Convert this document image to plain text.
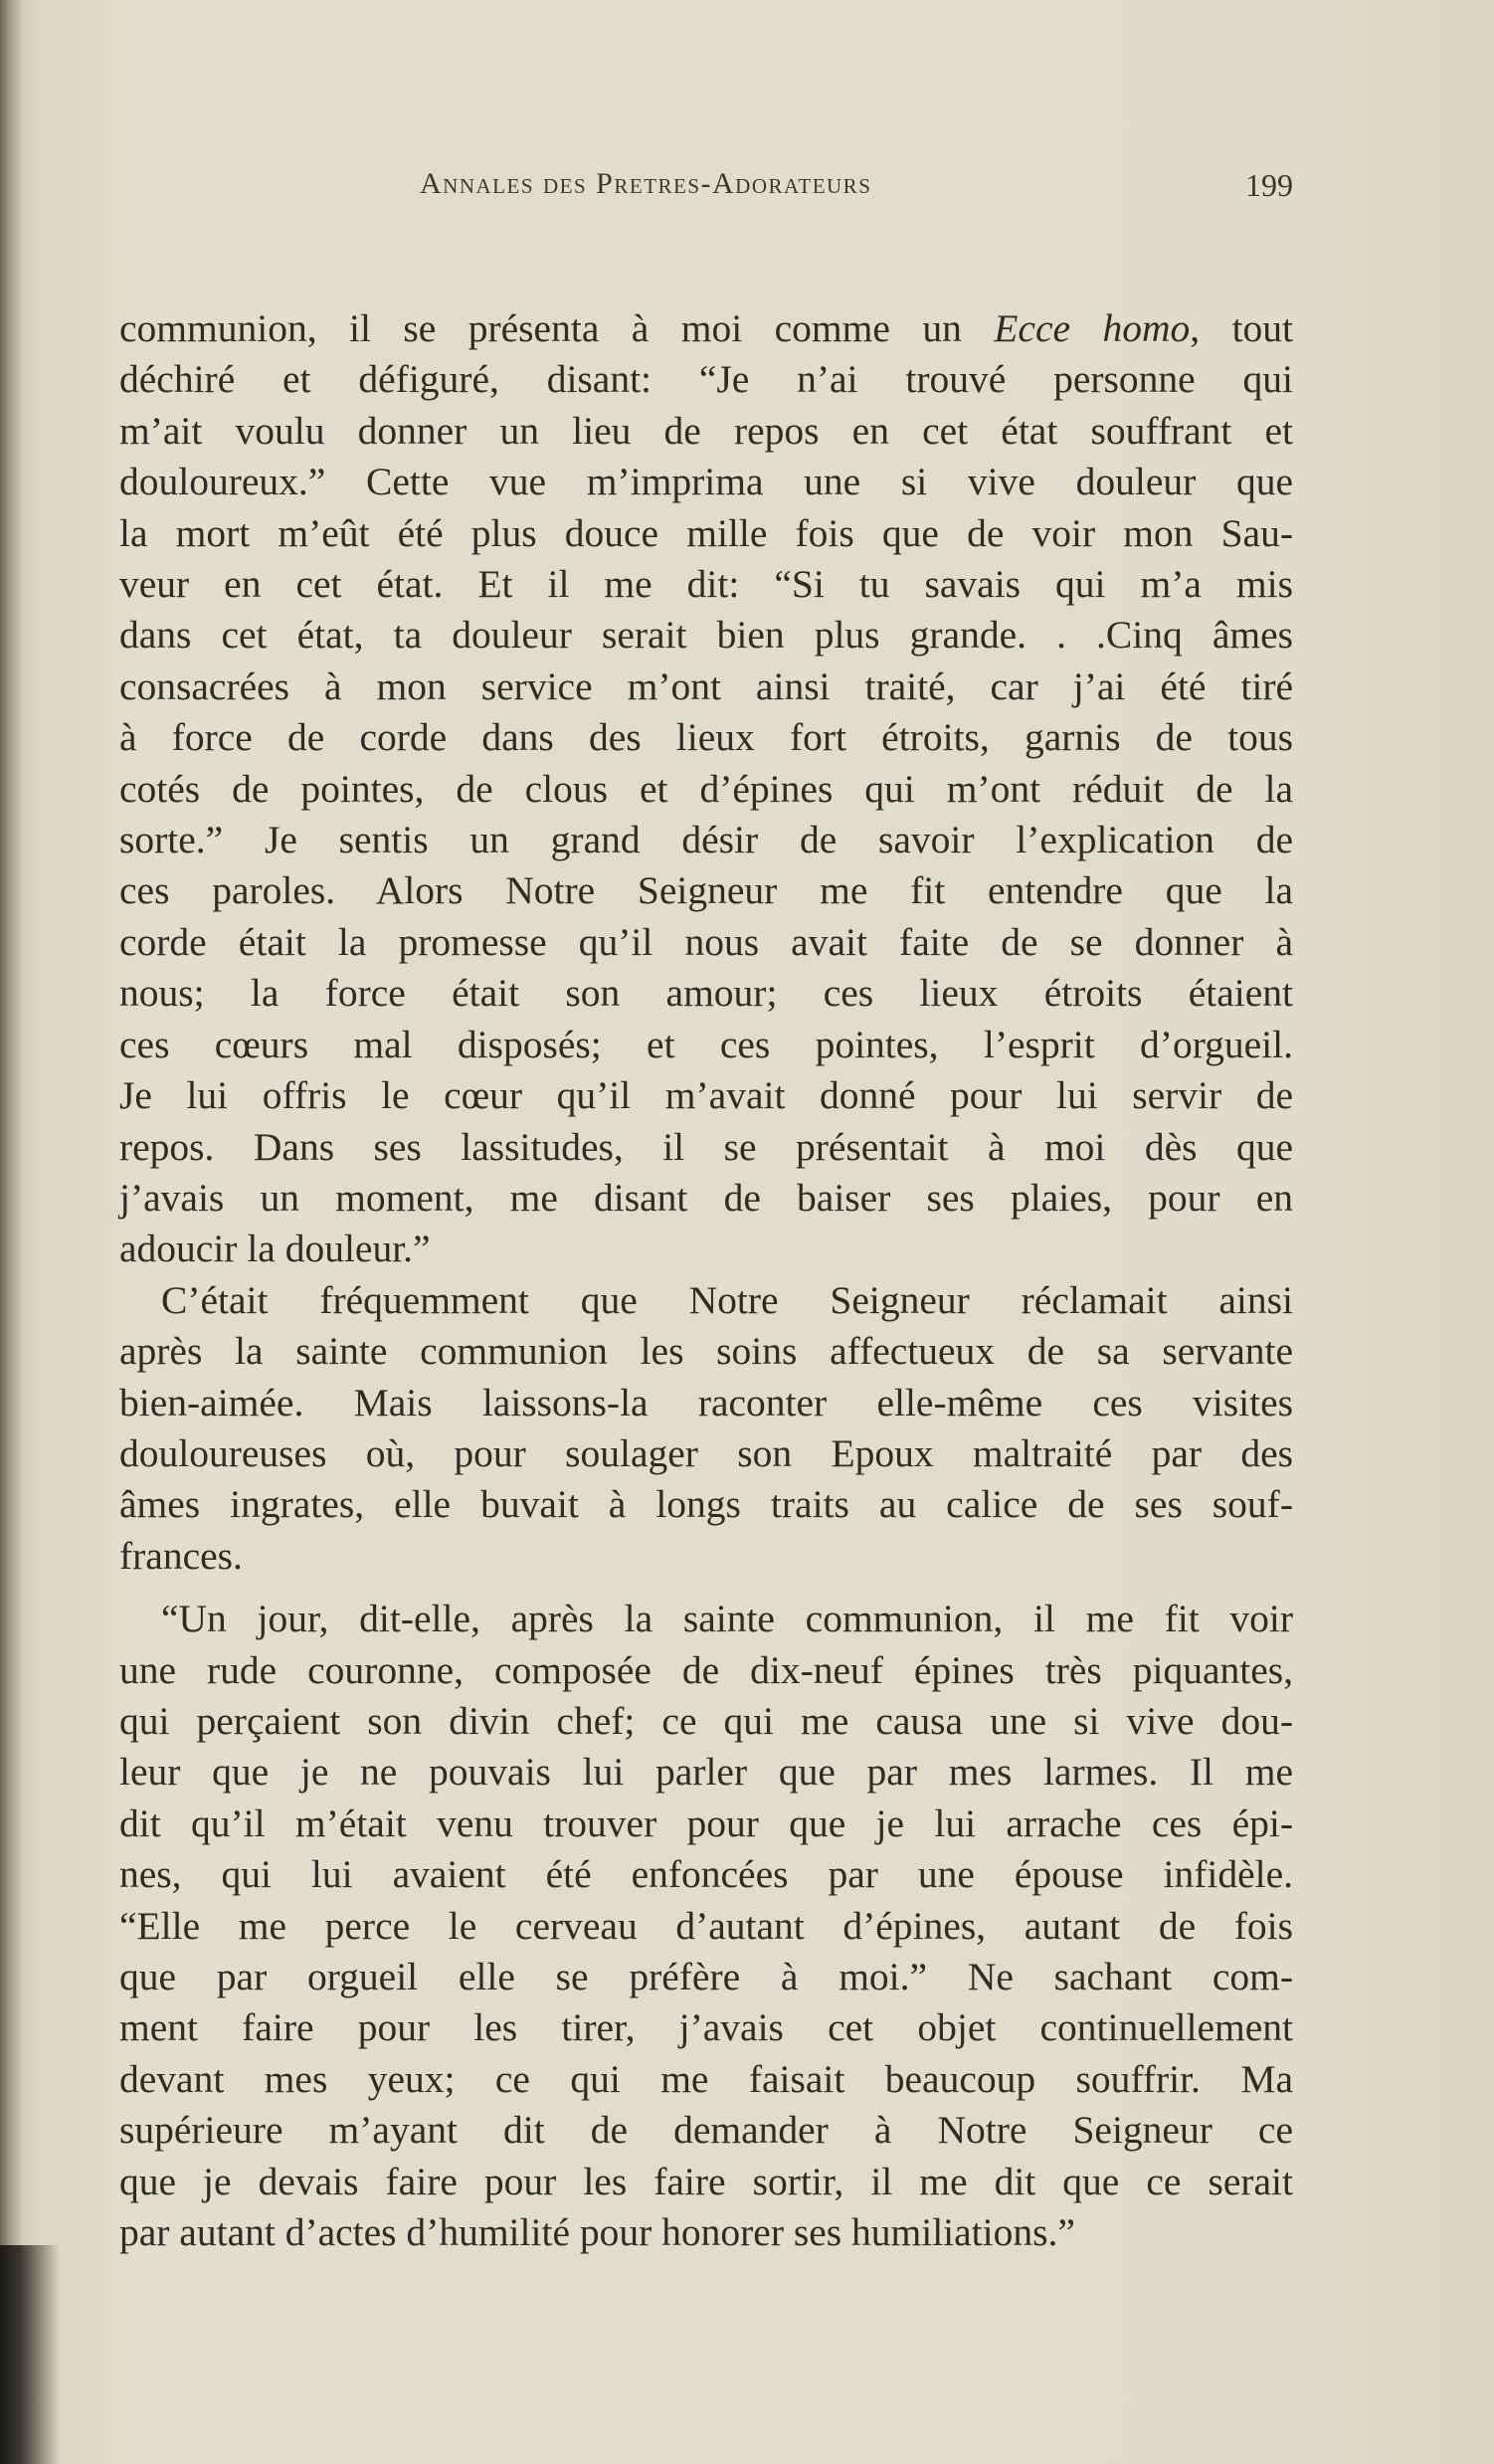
Annales des Pretres-Adorateurs	199

communion, il se présenta à moi comme un Ecce homo, tout
déchiré et défiguré, disant: “Je n’ai trouvé personne qui
m’ait voulu donner un lieu de repos en cet état souffrant et
douloureux.” Cette vue m’imprima une si vive douleur que
la mort m’eût été plus douce mille fois que de voir mon Sau-
veur en cet état. Et il me dit: “Si tu savais qui m’a mis
dans cet état, ta douleur serait bien plus grande. . .Cinq âmes
consacrées à mon service m’ont ainsi traité, car j’ai été tiré
à force de corde dans des lieux fort étroits, garnis de tous
cotés de pointes, de clous et d’épines qui m’ont réduit de la
sorte.” Je sentis un grand désir de savoir l’explication de
ces paroles. Alors Notre Seigneur me fit entendre que la
corde était la promesse qu’il nous avait faite de se donner à
nous; la force était son amour; ces lieux étroits étaient
ces cœurs mal disposés; et ces pointes, l’esprit d’orgueil.
Je lui offris le cœur qu’il m’avait donné pour lui servir de
repos. Dans ses lassitudes, il se présentait à moi dès que
j’avais un moment, me disant de baiser ses plaies, pour en
adoucir la douleur.”

C’était fréquemment que Notre Seigneur réclamait ainsi
après la sainte communion les soins affectueux de sa servante
bien-aimée. Mais laissons-la raconter elle-même ces visites
douloureuses où, pour soulager son Epoux maltraité par des
âmes ingrates, elle buvait à longs traits au calice de ses souf-
frances.

“Un jour, dit-elle, après la sainte communion, il me fit voir
une rude couronne, composée de dix-neuf épines très piquantes,
qui perçaient son divin chef; ce qui me causa une si vive dou-
leur que je ne pouvais lui parler que par mes larmes. Il me
dit qu’il m’était venu trouver pour que je lui arrache ces épi-
nes, qui lui avaient été enfoncées par une épouse infidèle.
“Elle me perce le cerveau d’autant d’épines, autant de fois
que par orgueil elle se préfère à moi.” Ne sachant com-
ment faire pour les tirer, j’avais cet objet continuellement
devant mes yeux; ce qui me faisait beaucoup souffrir. Ma
supérieure m’ayant dit de demander à Notre Seigneur ce
que je devais faire pour les faire sortir, il me dit que ce serait
par autant d’actes d’humilité pour honorer ses humiliations.”
